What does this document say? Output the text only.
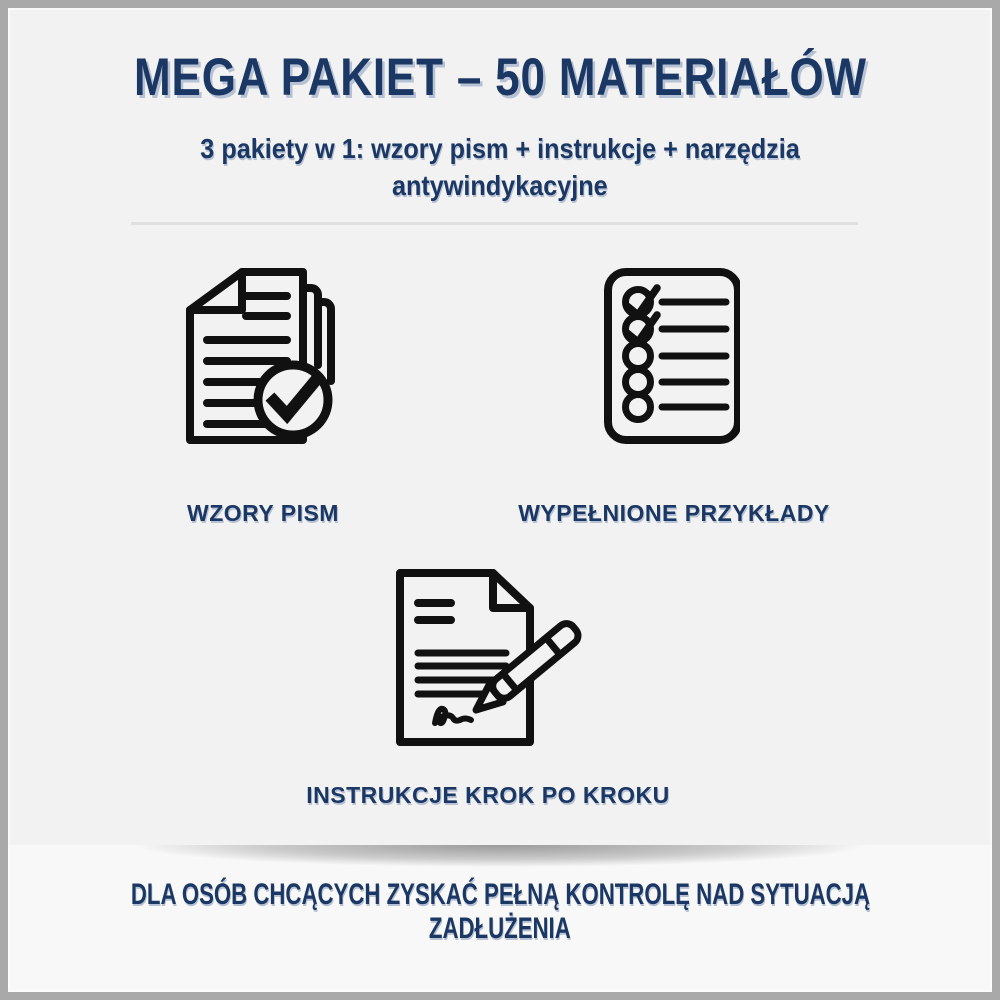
MEGA PAKIET – 50 MATERIAŁÓW

3 pakiety w 1: wzory pism + instrukcje + narzędzia
antywindykacyjne

WZORY PISM	WYPEŁNIONE PRZYKŁADY
INSTRUKCJE KROK PO KROKU

DLA OSÓB CHCĄCYCH ZYSKAĆ PEŁNĄ KONTROLĘ NAD SYTUACJĄ
ZADŁUŻENIA
